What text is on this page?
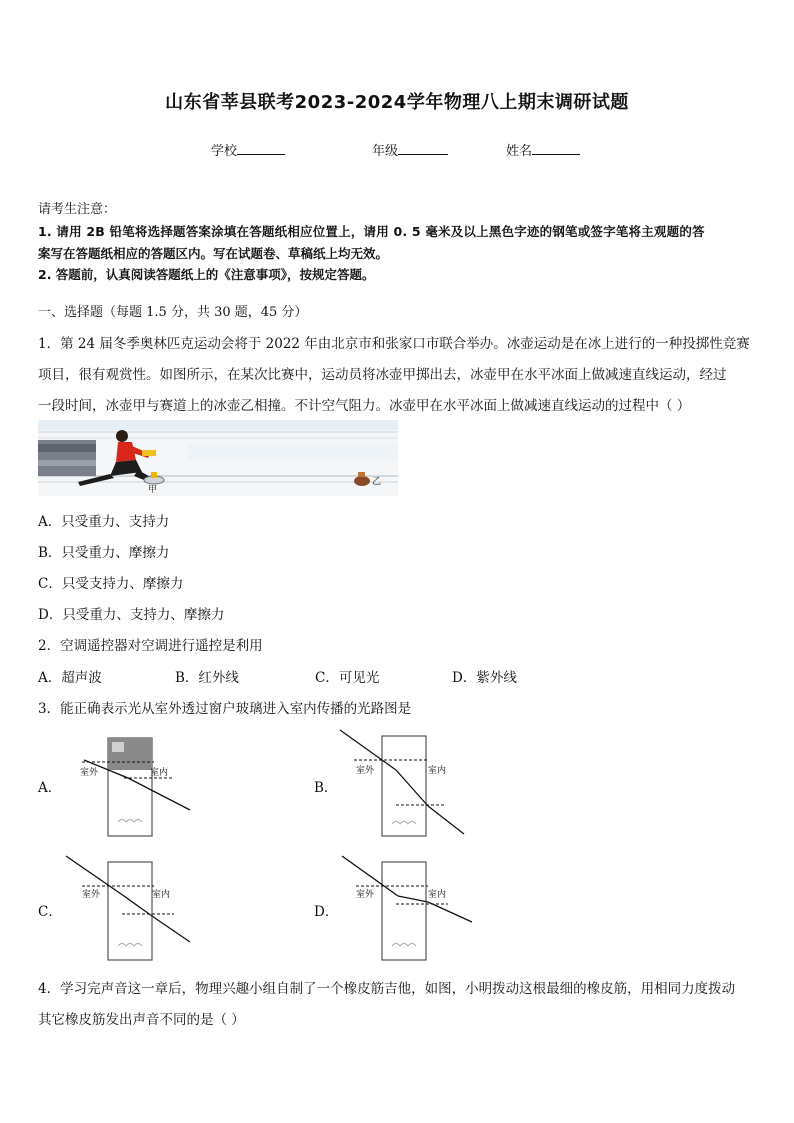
山东省莘县联考2023-2024学年物理八上期末调研试题
学校	年级	姓名
请考生注意：
1. 请用 2B 铅笔将选择题答案涂填在答题纸相应位置上，请用 0. 5 毫米及以上黑色字迹的钢笔或签字笔将主观题的答
案写在答题纸相应的答题区内。写在试题卷、草稿纸上均无效。
2. 答题前，认真阅读答题纸上的《注意事项》，按规定答题。
一、选择题（每题 1.5 分，共 30 题，45 分）
1．第 24 届冬季奥林匹克运动会将于 2022 年由北京市和张家口市联合举办。冰壶运动是在冰上进行的一种投掷性竞赛
项目，很有观赏性。如图所示，在某次比赛中，运动员将冰壶甲掷出去，冰壶甲在水平冰面上做减速直线运动，经过
一段时间，冰壶甲与赛道上的冰壶乙相撞。不计空气阻力。冰壶甲在水平冰面上做减速直线运动的过程中（ ）
甲
乙
A．只受重力、支持力
B．只受重力、摩擦力
C．只受支持力、摩擦力
D．只受重力、支持力、摩擦力
2．空调遥控器对空调进行遥控是利用
A．超声波	B．红外线	C．可见光	D．紫外线
3．能正确表示光从室外透过窗户玻璃进入室内传播的光路图是
A．
室外	室内
B．
室外	室内
C．
室外	室内
D．
室外	室内
4．学习完声音这一章后，物理兴趣小组自制了一个橡皮筋吉他，如图，小明拨动这根最细的橡皮筋，用相同力度拨动
其它橡皮筋发出声音不同的是（ ）
